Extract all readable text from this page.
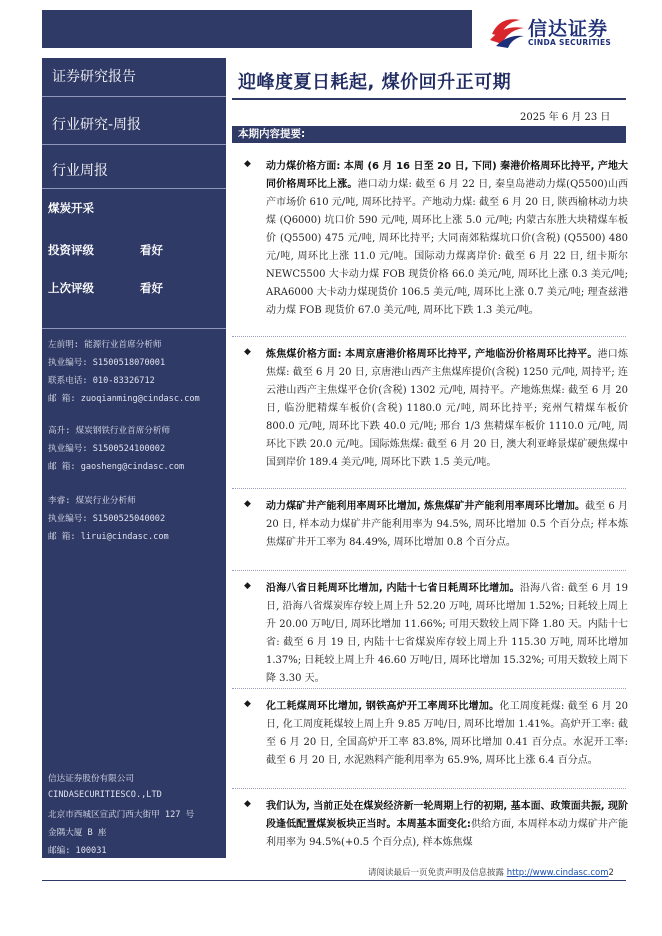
信达证券
CINDA SECURITIES
证券研究报告
行业研究-周报
行业周报
煤炭开采
投资评级	看好
上次评级	看好
左前明: 能源行业首席分析师
执业编号: S1500518070001
联系电话: 010-83326712
邮 箱: zuoqianming@cindasc.com
高升: 煤炭钢铁行业首席分析师
执业编号: S1500524100002
邮 箱: gaosheng@cindasc.com
李睿: 煤炭行业分析师
执业编号: S1500525040002
邮 箱: lirui@cindasc.com
信达证券股份有限公司
CINDASECURITIESCO.,LTD
北京市西城区宣武门西大街甲 127 号
金隅大厦 B 座
邮编: 100031
迎峰度夏日耗起, 煤价回升正可期
2025 年 6 月 23 日
本期内容提要:
◆ 动力煤价格方面: 本周 (6 月 16 日至 20 日, 下同) 秦港价格周环比持平, 产地大同价格周环比上涨。港口动力煤: 截至 6 月 22 日, 秦皇岛港动力煤(Q5500)山西产市场价 610 元/吨, 周环比持平。产地动力煤: 截至 6 月 20 日, 陕西榆林动力块煤 (Q6000) 坑口价 590 元/吨, 周环比上涨 5.0 元/吨; 内蒙古东胜大块精煤车板价 (Q5500) 475 元/吨, 周环比持平; 大同南郊粘煤坑口价(含税) (Q5500) 480 元/吨, 周环比上涨 11.0 元/吨。国际动力煤离岸价: 截至 6 月 22 日, 纽卡斯尔 NEWC5500 大卡动力煤 FOB 现货价格 66.0 美元/吨, 周环比上涨 0.3 美元/吨; ARA6000 大卡动力煤现货价 106.5 美元/吨, 周环比上涨 0.7 美元/吨; 理查兹港动力煤 FOB 现货价 67.0 美元/吨, 周环比下跌 1.3 美元/吨。
◆ 炼焦煤价格方面: 本周京唐港价格周环比持平, 产地临汾价格周环比持平。港口炼焦煤: 截至 6 月 20 日, 京唐港山西产主焦煤库提价(含税) 1250 元/吨, 周持平; 连云港山西产主焦煤平仓价(含税) 1302 元/吨, 周持平。产地炼焦煤: 截至 6 月 20 日, 临汾肥精煤车板价(含税) 1180.0 元/吨, 周环比持平; 兖州气精煤车板价 800.0 元/吨, 周环比下跌 40.0 元/吨; 邢台 1/3 焦精煤车板价 1110.0 元/吨, 周环比下跌 20.0 元/吨。国际炼焦煤: 截至 6 月 20 日, 澳大利亚峰景煤矿硬焦煤中国到岸价 189.4 美元/吨, 周环比下跌 1.5 美元/吨。
◆ 动力煤矿井产能利用率周环比增加, 炼焦煤矿井产能利用率周环比增加。截至 6 月 20 日, 样本动力煤矿井产能利用率为 94.5%, 周环比增加 0.5 个百分点; 样本炼焦煤矿井开工率为 84.49%, 周环比增加 0.8 个百分点。
◆ 沿海八省日耗周环比增加, 内陆十七省日耗周环比增加。沿海八省: 截至 6 月 19 日, 沿海八省煤炭库存较上周上升 52.20 万吨, 周环比增加 1.52%; 日耗较上周上升 20.00 万吨/日, 周环比增加 11.66%; 可用天数较上周下降 1.80 天。内陆十七省: 截至 6 月 19 日, 内陆十七省煤炭库存较上周上升 115.30 万吨, 周环比增加 1.37%; 日耗较上周上升 46.60 万吨/日, 周环比增加 15.32%; 可用天数较上周下降 3.30 天。
◆ 化工耗煤周环比增加, 钢铁高炉开工率周环比增加。化工周度耗煤: 截至 6 月 20 日, 化工周度耗煤较上周上升 9.85 万吨/日, 周环比增加 1.41%。高炉开工率: 截至 6 月 20 日, 全国高炉开工率 83.8%, 周环比增加 0.41 百分点。水泥开工率: 截至 6 月 20 日, 水泥熟料产能利用率为 65.9%, 周环比上涨 6.4 百分点。
◆ 我们认为, 当前正处在煤炭经济新一轮周期上行的初期, 基本面、政策面共振, 现阶段逢低配置煤炭板块正当时。本周基本面变化:供给方面, 本周样本动力煤矿井产能利用率为 94.5%(+0.5 个百分点), 样本炼焦煤
请阅读最后一页免责声明及信息披露 http://www.cindasc.com2
